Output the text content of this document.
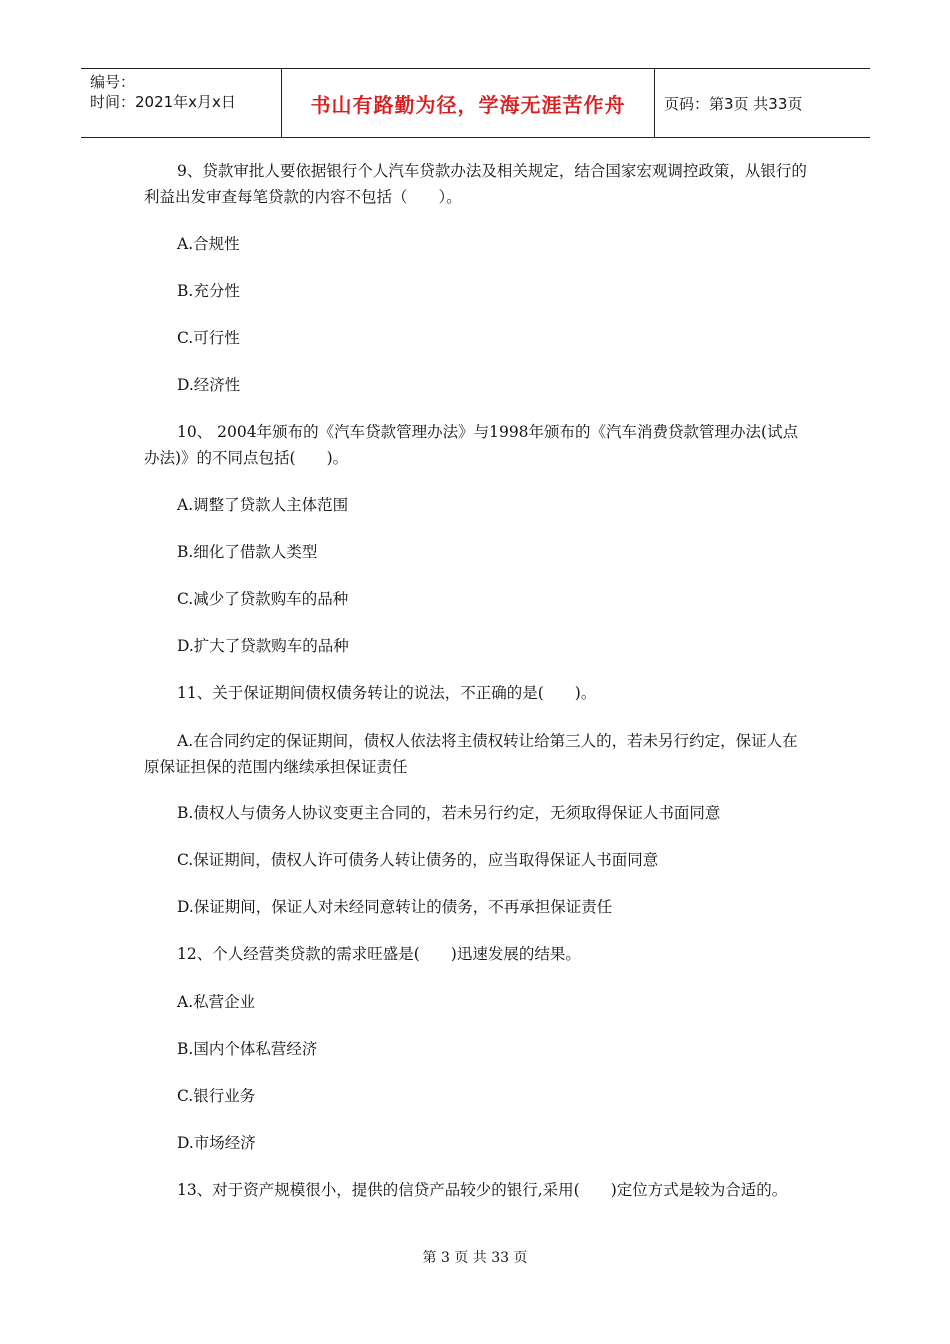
编号：
时间：2021年x月x日	书山有路勤为径，学海无涯苦作舟	页码：第3页 共33页
9、贷款审批人要依据银行个人汽车贷款办法及相关规定，结合国家宏观调控政策，从银行的利益出发审查每笔贷款的内容不包括（　　）。
A.合规性
B.充分性
C.可行性
D.经济性
10、 2004年颁布的《汽车贷款管理办法》与1998年颁布的《汽车消费贷款管理办法(试点办法)》的不同点包括(　　)。
A.调整了贷款人主体范围
B.细化了借款人类型
C.减少了贷款购车的品种
D.扩大了贷款购车的品种
11、关于保证期间债权债务转让的说法，不正确的是(　　)。
A.在合同约定的保证期间，债权人依法将主债权转让给第三人的，若未另行约定，保证人在原保证担保的范围内继续承担保证责任
B.债权人与债务人协议变更主合同的，若未另行约定，无须取得保证人书面同意
C.保证期间，债权人许可债务人转让债务的，应当取得保证人书面同意
D.保证期间，保证人对未经同意转让的债务，不再承担保证责任
12、个人经营类贷款的需求旺盛是(　　)迅速发展的结果。
A.私营企业
B.国内个体私营经济
C.银行业务
D.市场经济
13、对于资产规模很小，提供的信贷产品较少的银行,采用(　　)定位方式是较为合适的。
第 3 页 共 33 页
